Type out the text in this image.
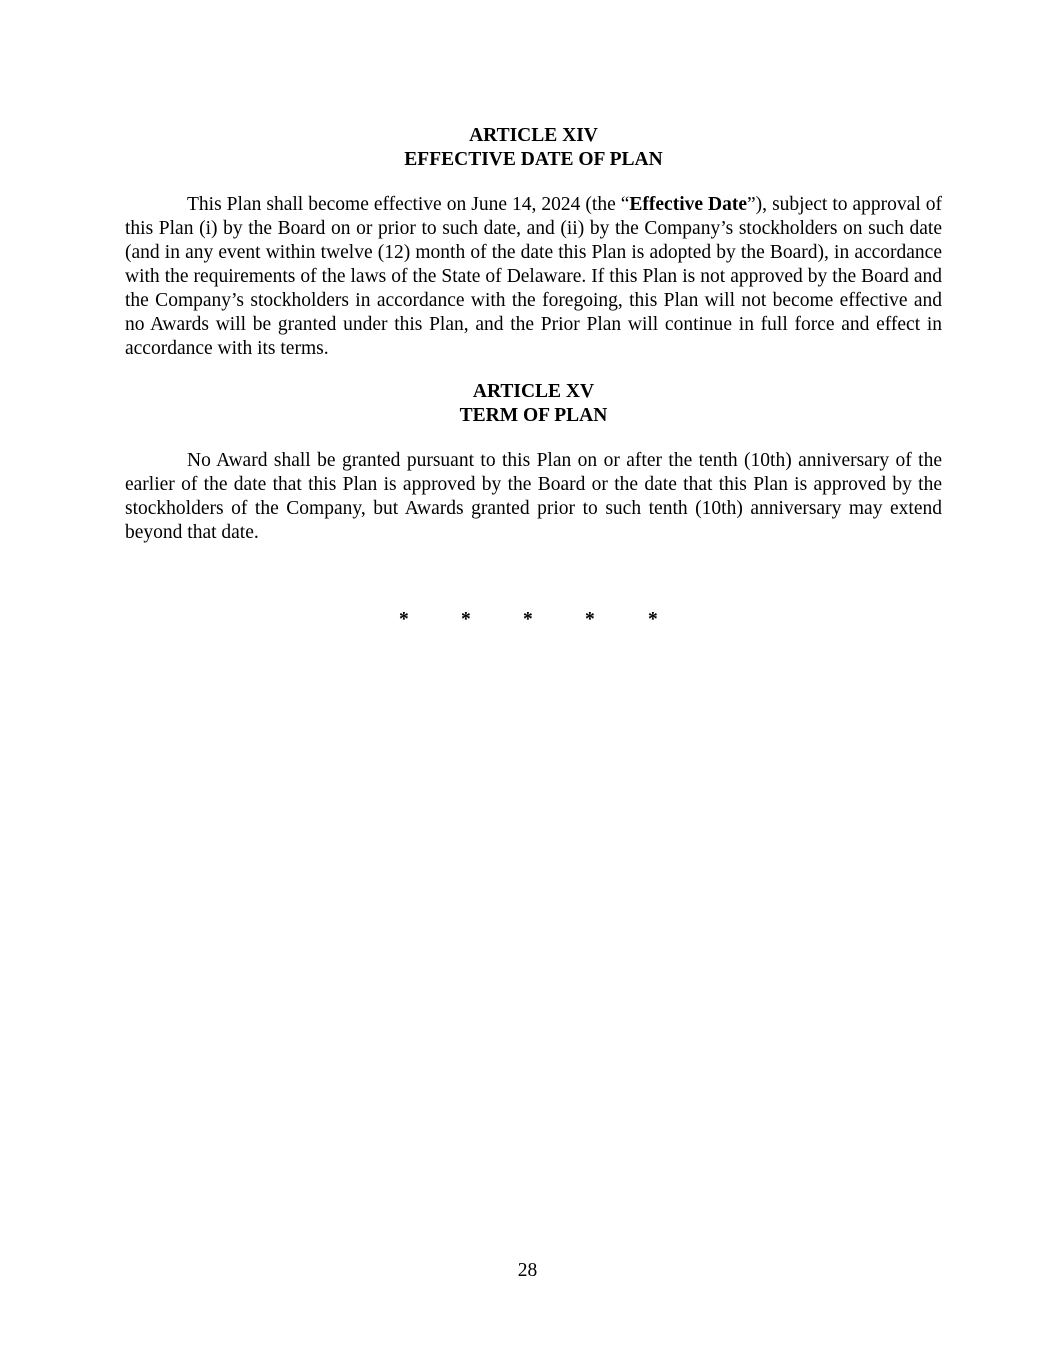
ARTICLE XIV

EFFECTIVE DATE OF PLAN

This Plan shall become effective on June 14, 2024 (the “Effective Date”), subject to approval of this Plan (i) by the Board on or prior to such date, and (ii) by the Company’s stockholders on such date (and in any event within twelve (12) month of the date this Plan is adopted by the Board), in accordance with the requirements of the laws of the State of Delaware. If this Plan is not approved by the Board and the Company’s stockholders in accordance with the foregoing, this Plan will not become effective and no Awards will be granted under this Plan, and the Prior Plan will continue in full force and effect in accordance with its terms.

ARTICLE XV

TERM OF PLAN

No Award shall be granted pursuant to this Plan on or after the tenth (10th) anniversary of the earlier of the date that this Plan is approved by the Board or the date that this Plan is approved by the stockholders of the Company, but Awards granted prior to such tenth (10th) anniversary may extend beyond that date.

*	*	*	*	*
28
